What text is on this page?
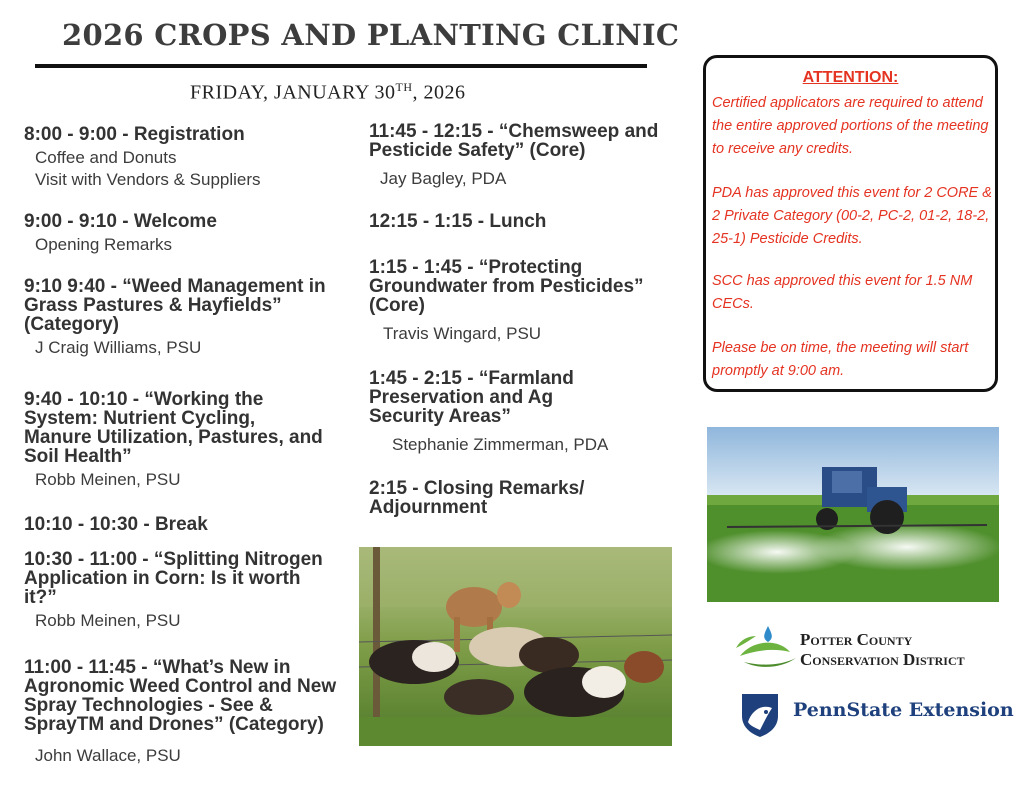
2026 CROPS AND PLANTING CLINIC
FRIDAY, JANUARY 30TH, 2026
8:00 - 9:00 - Registration
Coffee and Donuts
Visit with Vendors & Suppliers
9:00 - 9:10 - Welcome
Opening Remarks
9:10 9:40 - “Weed Management in Grass Pastures & Hayfields” (Category)
J Craig Williams, PSU
9:40 - 10:10 - “Working the System: Nutrient Cycling, Manure Utilization, Pastures, and Soil Health”
Robb Meinen, PSU
10:10 - 10:30 - Break
10:30 - 11:00 - “Splitting Nitrogen Application in Corn: Is it worth it?”
Robb Meinen, PSU
11:00 - 11:45 - “What’s New in Agronomic Weed Control and New Spray Technologies - See & SprayTM and Drones” (Category)
John Wallace, PSU
11:45 - 12:15 - “Chemsweep and Pesticide Safety” (Core)
Jay Bagley, PDA
12:15 - 1:15 - Lunch
1:15 - 1:45 - “Protecting Groundwater from Pesticides” (Core)
Travis Wingard, PSU
1:45 - 2:15 - “Farmland Preservation and Ag Security Areas”
Stephanie Zimmerman, PDA
2:15 - Closing Remarks/ Adjournment
ATTENTION:
Certified applicators are required to attend the entire approved portions of the meeting to receive any credits.
PDA has approved this event for 2 CORE & 2 Private Category (00-2, PC-2, 01-2, 18-2, 25-1) Pesticide Credits.
SCC has approved this event for 1.5 NM CECs.
Please be on time, the meeting will start promptly at 9:00 am.
Potter County
Conservation District
PennState Extension
